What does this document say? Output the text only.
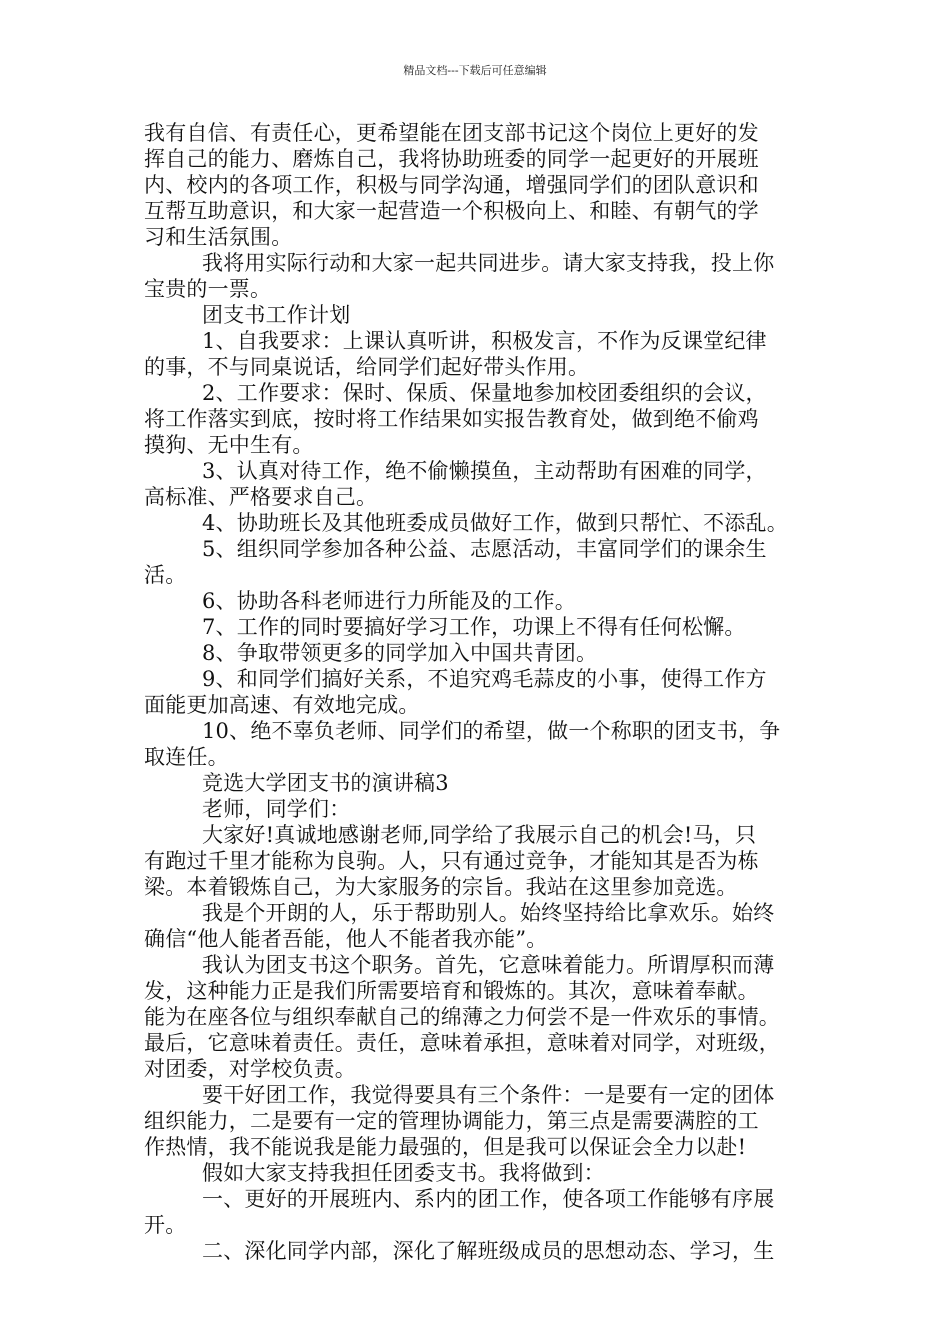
精品文档---下载后可任意编辑

我有自信、有责任心，更希望能在团支部书记这个岗位上更好的发
挥自己的能力、磨炼自己，我将协助班委的同学一起更好的开展班
内、校内的各项工作，积极与同学沟通，增强同学们的团队意识和
互帮互助意识，和大家一起营造一个积极向上、和睦、有朝气的学
习和生活氛围。

我将用实际行动和大家一起共同进步。请大家支持我，投上你
宝贵的一票。

团支书工作计划

1、自我要求：上课认真听讲，积极发言，不作为反课堂纪律
的事，不与同桌说话，给同学们起好带头作用。

2、工作要求：保时、保质、保量地参加校团委组织的会议，
将工作落实到底，按时将工作结果如实报告教育处，做到绝不偷鸡
摸狗、无中生有。

3、认真对待工作，绝不偷懒摸鱼，主动帮助有困难的同学，
高标准、严格要求自己。

4、协助班长及其他班委成员做好工作，做到只帮忙、不添乱。

5、组织同学参加各种公益、志愿活动，丰富同学们的课余生
活。

6、协助各科老师进行力所能及的工作。

7、工作的同时要搞好学习工作，功课上不得有任何松懈。

8、争取带领更多的同学加入中国共青团。

9、和同学们搞好关系，不追究鸡毛蒜皮的小事，使得工作方
面能更加高速、有效地完成。

10、绝不辜负老师、同学们的希望，做一个称职的团支书，争
取连任。

竞选大学团支书的演讲稿3

老师，同学们：

大家好!真诚地感谢老师,同学给了我展示自己的机会!马，只
有跑过千里才能称为良驹。人，只有通过竞争，才能知其是否为栋
梁。本着锻炼自己，为大家服务的宗旨。我站在这里参加竞选。

我是个开朗的人，乐于帮助别人。始终坚持给比拿欢乐。始终
确信“他人能者吾能，他人不能者我亦能”。

我认为团支书这个职务。首先，它意味着能力。所谓厚积而薄
发，这种能力正是我们所需要培育和锻炼的。其次，意味着奉献。
能为在座各位与组织奉献自己的绵薄之力何尝不是一件欢乐的事情。
最后，它意味着责任。责任，意味着承担，意味着对同学，对班级，
对团委，对学校负责。

要干好团工作，我觉得要具有三个条件：一是要有一定的团体
组织能力，二是要有一定的管理协调能力，第三点是需要满腔的工
作热情，我不能说我是能力最强的，但是我可以保证会全力以赴!

假如大家支持我担任团委支书。我将做到：

一、更好的开展班内、系内的团工作，使各项工作能够有序展
开。

二、深化同学内部，深化了解班级成员的思想动态、学习，生
